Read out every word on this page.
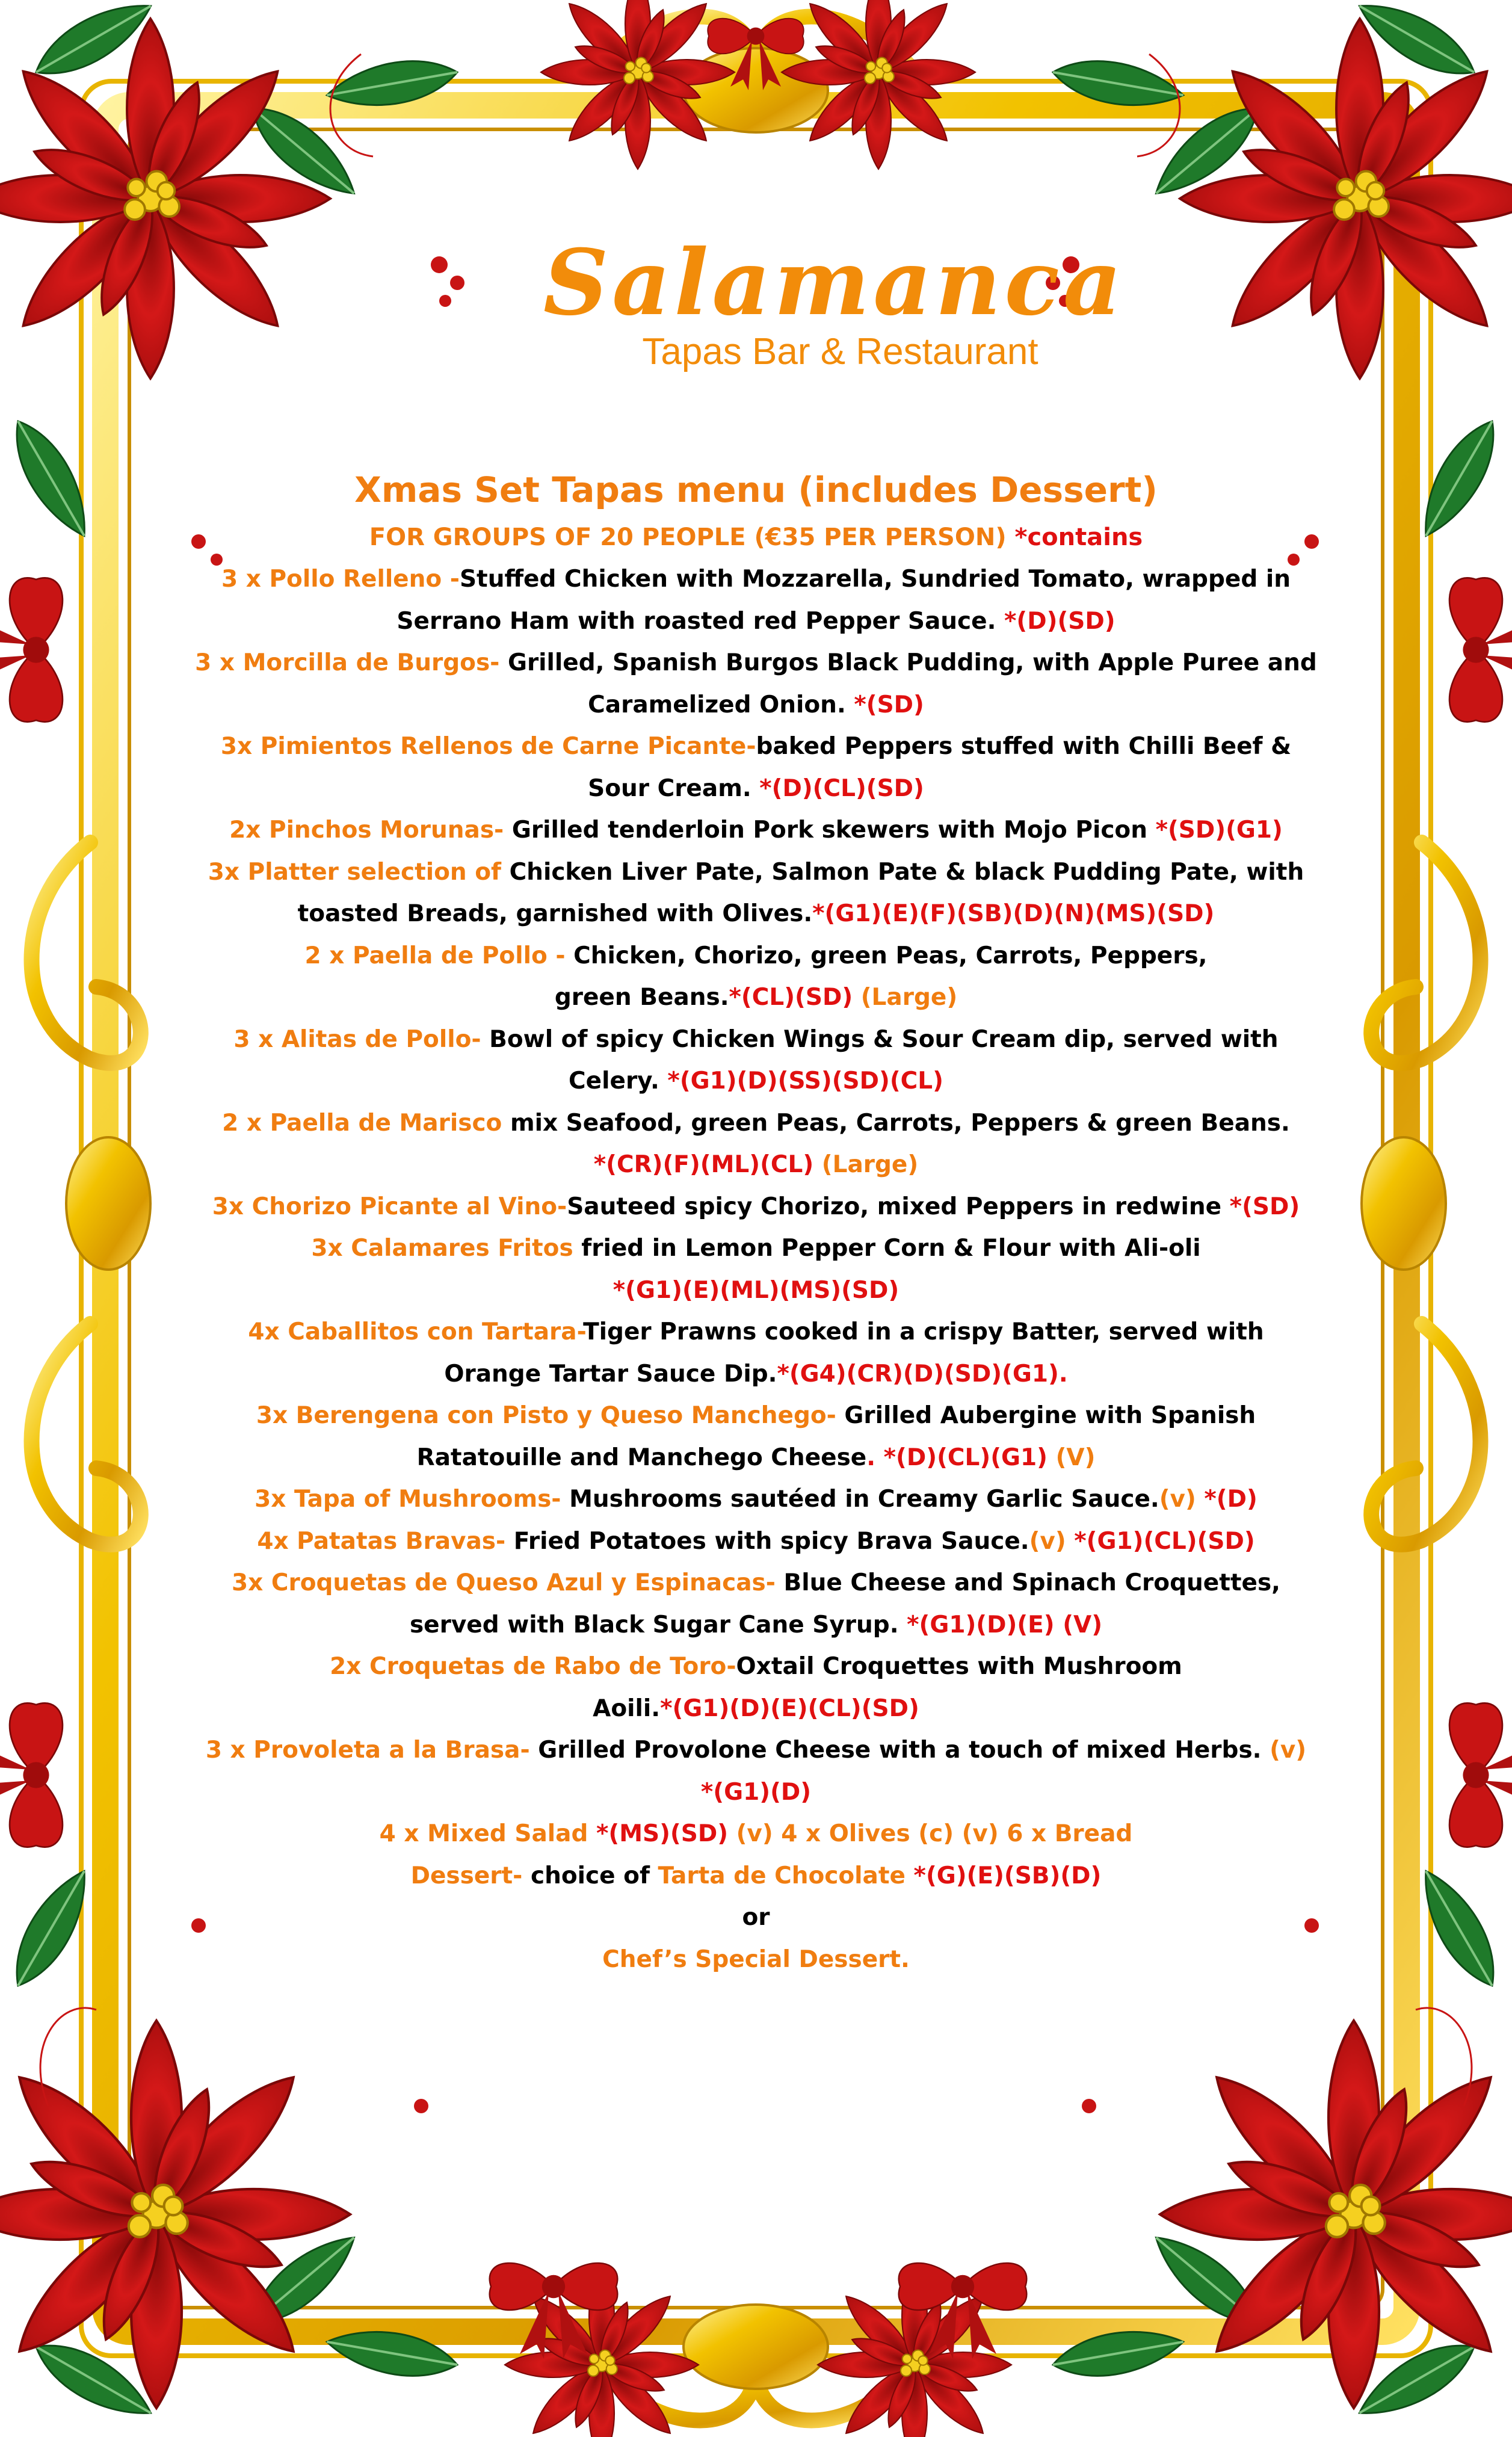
Salamanca
Tapas Bar & Restaurant

Xmas Set Tapas menu (includes Dessert)

FOR GROUPS OF 20 PEOPLE (€35 PER PERSON) *contains

3 x Pollo Relleno -Stuffed Chicken with Mozzarella, Sundried Tomato, wrapped in
Serrano Ham with roasted red Pepper Sauce. *(D)(SD)

3 x Morcilla de Burgos- Grilled, Spanish Burgos Black Pudding, with Apple Puree and
Caramelized Onion. *(SD)

3x Pimientos Rellenos de Carne Picante-baked Peppers stuffed with Chilli Beef &
Sour Cream. *(D)(CL)(SD)

2x Pinchos Morunas- Grilled tenderloin Pork skewers with Mojo Picon *(SD)(G1)

3x Platter selection of Chicken Liver Pate, Salmon Pate & black Pudding Pate, with
toasted Breads, garnished with Olives.*(G1)(E)(F)(SB)(D)(N)(MS)(SD)

2 x Paella de Pollo - Chicken, Chorizo, green Peas, Carrots, Peppers,
green Beans.*(CL)(SD) (Large)

3 x Alitas de Pollo- Bowl of spicy Chicken Wings & Sour Cream dip, served with
Celery. *(G1)(D)(SS)(SD)(CL)

2 x Paella de Marisco mix Seafood, green Peas, Carrots, Peppers & green Beans.
*(CR)(F)(ML)(CL) (Large)

3x Chorizo Picante al Vino-Sauteed spicy Chorizo, mixed Peppers in redwine *(SD)

3x Calamares Fritos fried in Lemon Pepper Corn & Flour with Ali-oli
*(G1)(E)(ML)(MS)(SD)

4x Caballitos con Tartara-Tiger Prawns cooked in a crispy Batter, served with
Orange Tartar Sauce Dip.*(G4)(CR)(D)(SD)(G1).

3x Berengena con Pisto y Queso Manchego- Grilled Aubergine with Spanish
Ratatouille and Manchego Cheese. *(D)(CL)(G1) (V)

3x Tapa of Mushrooms- Mushrooms sautéed in Creamy Garlic Sauce.(v) *(D)

4x Patatas Bravas- Fried Potatoes with spicy Brava Sauce.(v) *(G1)(CL)(SD)

3x Croquetas de Queso Azul y Espinacas- Blue Cheese and Spinach Croquettes,
served with Black Sugar Cane Syrup. *(G1)(D)(E) (V)

2x Croquetas de Rabo de Toro-Oxtail Croquettes with Mushroom
Aoili.*(G1)(D)(E)(CL)(SD)

3 x Provoleta a la Brasa- Grilled Provolone Cheese with a touch of mixed Herbs. (v)
*(G1)(D)

4 x Mixed Salad *(MS)(SD) (v) 4 x Olives (c) (v) 6 x Bread

Dessert- choice of Tarta de Chocolate *(G)(E)(SB)(D)
or
Chef’s Special Dessert.
